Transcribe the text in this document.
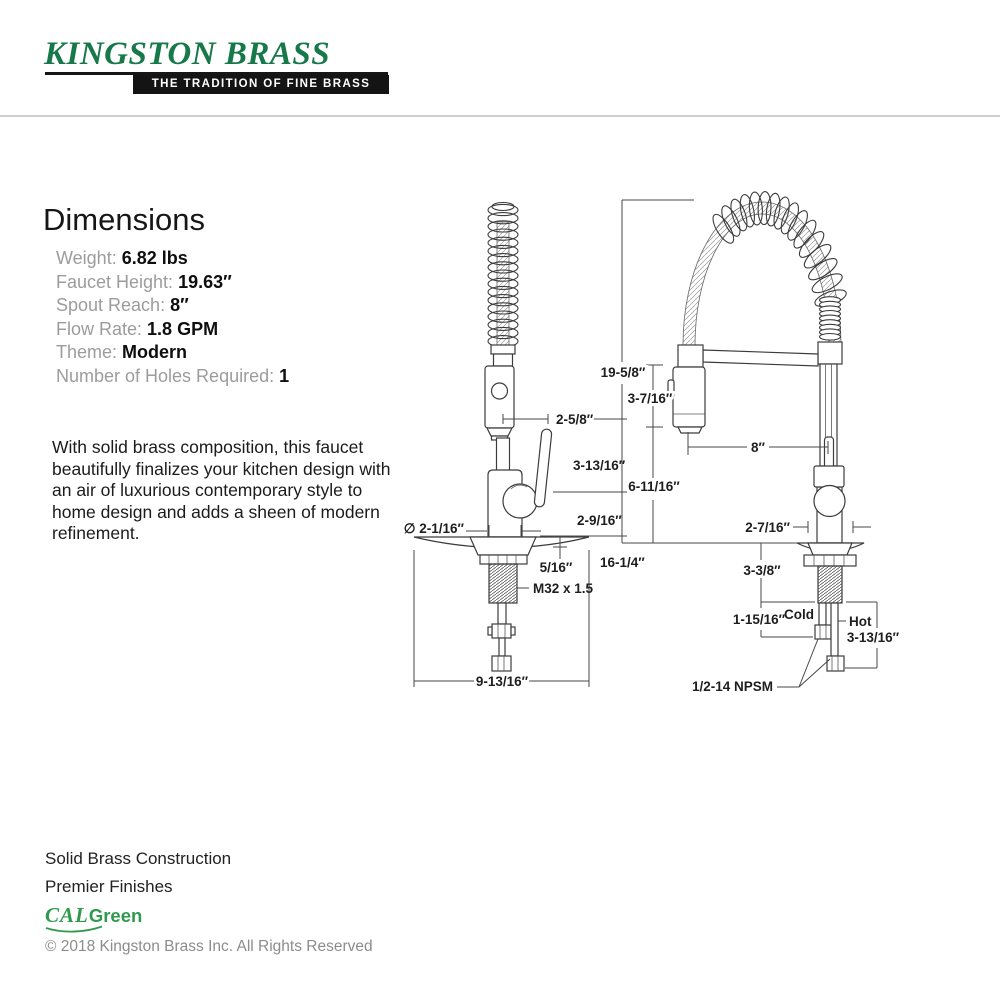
KINGSTON BRASS
THE TRADITION OF FINE BRASS
Dimensions
Weight: 6.82 lbs
Faucet Height: 19.63″
Spout Reach: 8″
Flow Rate: 1.8 GPM
Theme: Modern
Number of Holes Required: 1
With solid brass composition, this faucet beautifully finalizes your kitchen design with an air of luxurious contemporary style to home design and adds a sheen of modern refinement.
2-5/8″
3-13/16″
2-9/16″
∅ 2-1/16″
5/16″
M32 x 1.5
9-13/16″
16-1/4″
19-5/8″
3-7/16″
6-11/16″
8″
2-7/16″
3-3/8″
1-15/16″
Cold	Hot
3-13/16″
1/2-14 NPSM
Solid Brass Construction
Premier Finishes
CALGreen
© 2018 Kingston Brass Inc. All Rights Reserved
